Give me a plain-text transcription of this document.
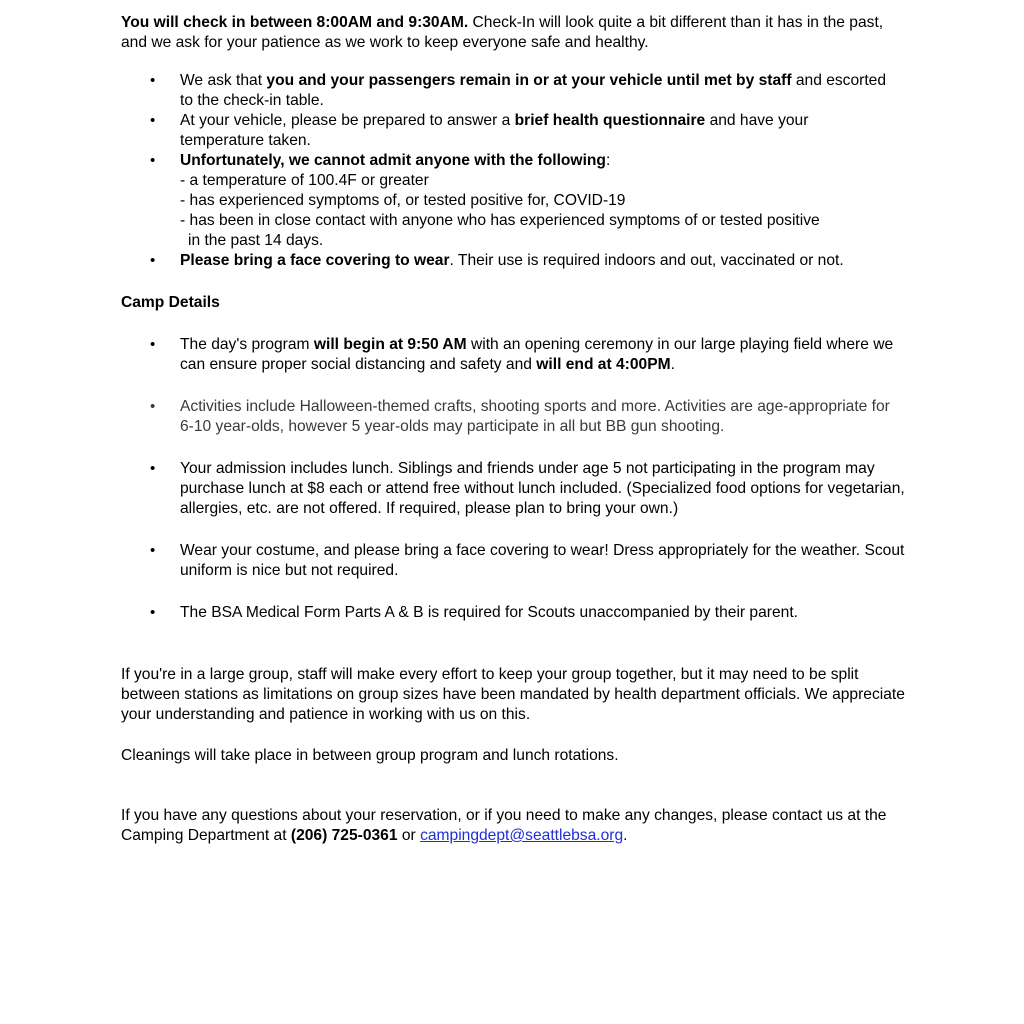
You will check in between 8:00AM and 9:30AM. Check-In will look quite a bit different than it has in the past, and we ask for your patience as we work to keep everyone safe and healthy.

• We ask that you and your passengers remain in or at your vehicle until met by staff and escorted to the check-in table.
• At your vehicle, please be prepared to answer a brief health questionnaire and have your temperature taken.
• Unfortunately, we cannot admit anyone with the following:
- a temperature of 100.4F or greater
- has experienced symptoms of, or tested positive for, COVID-19
- has been in close contact with anyone who has experienced symptoms of or tested positive
in the past 14 days.
• Please bring a face covering to wear. Their use is required indoors and out, vaccinated or not.

Camp Details

• The day's program will begin at 9:50 AM with an opening ceremony in our large playing field where we can ensure proper social distancing and safety and will end at 4:00PM.
• Activities include Halloween-themed crafts, shooting sports and more. Activities are age-appropriate for 6-10 year-olds, however 5 year-olds may participate in all but BB gun shooting.
• Your admission includes lunch. Siblings and friends under age 5 not participating in the program may purchase lunch at $8 each or attend free without lunch included. (Specialized food options for vegetarian, allergies, etc. are not offered. If required, please plan to bring your own.)
• Wear your costume, and please bring a face covering to wear! Dress appropriately for the weather. Scout uniform is nice but not required.
• The BSA Medical Form Parts A & B is required for Scouts unaccompanied by their parent.

If you're in a large group, staff will make every effort to keep your group together, but it may need to be split between stations as limitations on group sizes have been mandated by health department officials. We appreciate your understanding and patience in working with us on this.

Cleanings will take place in between group program and lunch rotations.

If you have any questions about your reservation, or if you need to make any changes, please contact us at the Camping Department at (206) 725-0361 or campingdept@seattlebsa.org.
